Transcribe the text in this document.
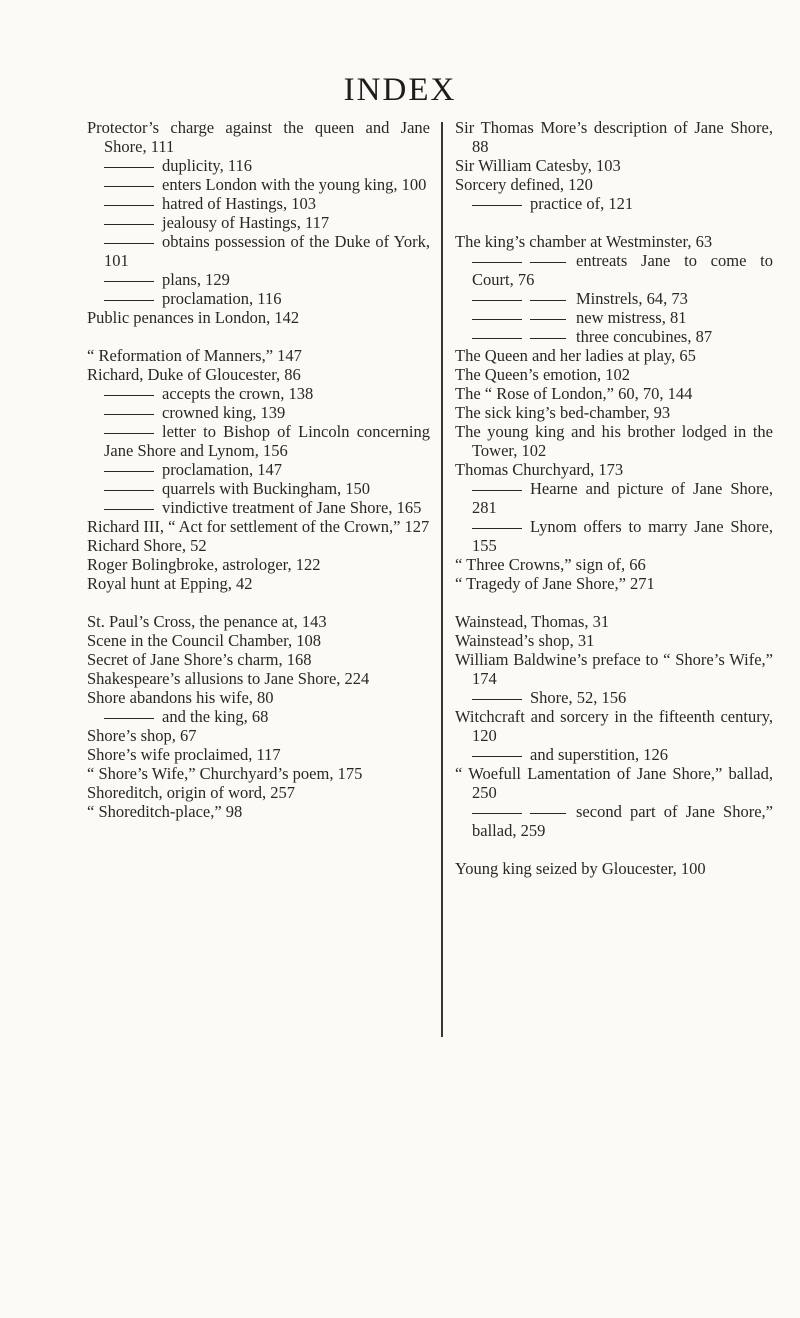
INDEX

Protector’s charge against the queen and Jane Shore, 111

duplicity, 116

enters London with the young king, 100

hatred of Hastings, 103

jealousy of Hastings, 117

obtains possession of the Duke of York, 101

plans, 129

proclamation, 116

Public penances in London, 142

“ Reformation of Manners,” 147

Richard, Duke of Gloucester, 86

accepts the crown, 138

crowned king, 139

letter to Bishop of Lincoln concerning Jane Shore and Lynom, 156

proclamation, 147

quarrels with Buckingham, 150

vindictive treatment of Jane Shore, 165

Richard III, “ Act for settlement of the Crown,” 127

Richard Shore, 52

Roger Bolingbroke, astrologer, 122

Royal hunt at Epping, 42

St. Paul’s Cross, the penance at, 143

Scene in the Council Chamber, 108

Secret of Jane Shore’s charm, 168

Shakespeare’s allusions to Jane Shore, 224

Shore abandons his wife, 80

and the king, 68

Shore’s shop, 67

Shore’s wife proclaimed, 117

“ Shore’s Wife,” Churchyard’s poem, 175

Shoreditch, origin of word, 257

“ Shoreditch-place,” 98

Sir Thomas More’s description of Jane Shore, 88

Sir William Catesby, 103

Sorcery defined, 120

practice of, 121

The king’s chamber at Westminster, 63

entreats Jane to come to Court, 76

Minstrels, 64, 73

new mistress, 81

three concubines, 87

The Queen and her ladies at play, 65

The Queen’s emotion, 102

The “ Rose of London,” 60, 70, 144

The sick king’s bed-chamber, 93

The young king and his brother lodged in the Tower, 102

Thomas Churchyard, 173

Hearne and picture of Jane Shore, 281

Lynom offers to marry Jane Shore, 155

“ Three Crowns,” sign of, 66

“ Tragedy of Jane Shore,” 271

Wainstead, Thomas, 31

Wainstead’s shop, 31

William Baldwine’s preface to “ Shore’s Wife,” 174

Shore, 52, 156

Witchcraft and sorcery in the fifteenth century, 120

and superstition, 126

“ Woefull Lamentation of Jane Shore,” ballad, 250

second part of Jane Shore,” ballad, 259

Young king seized by Gloucester, 100
